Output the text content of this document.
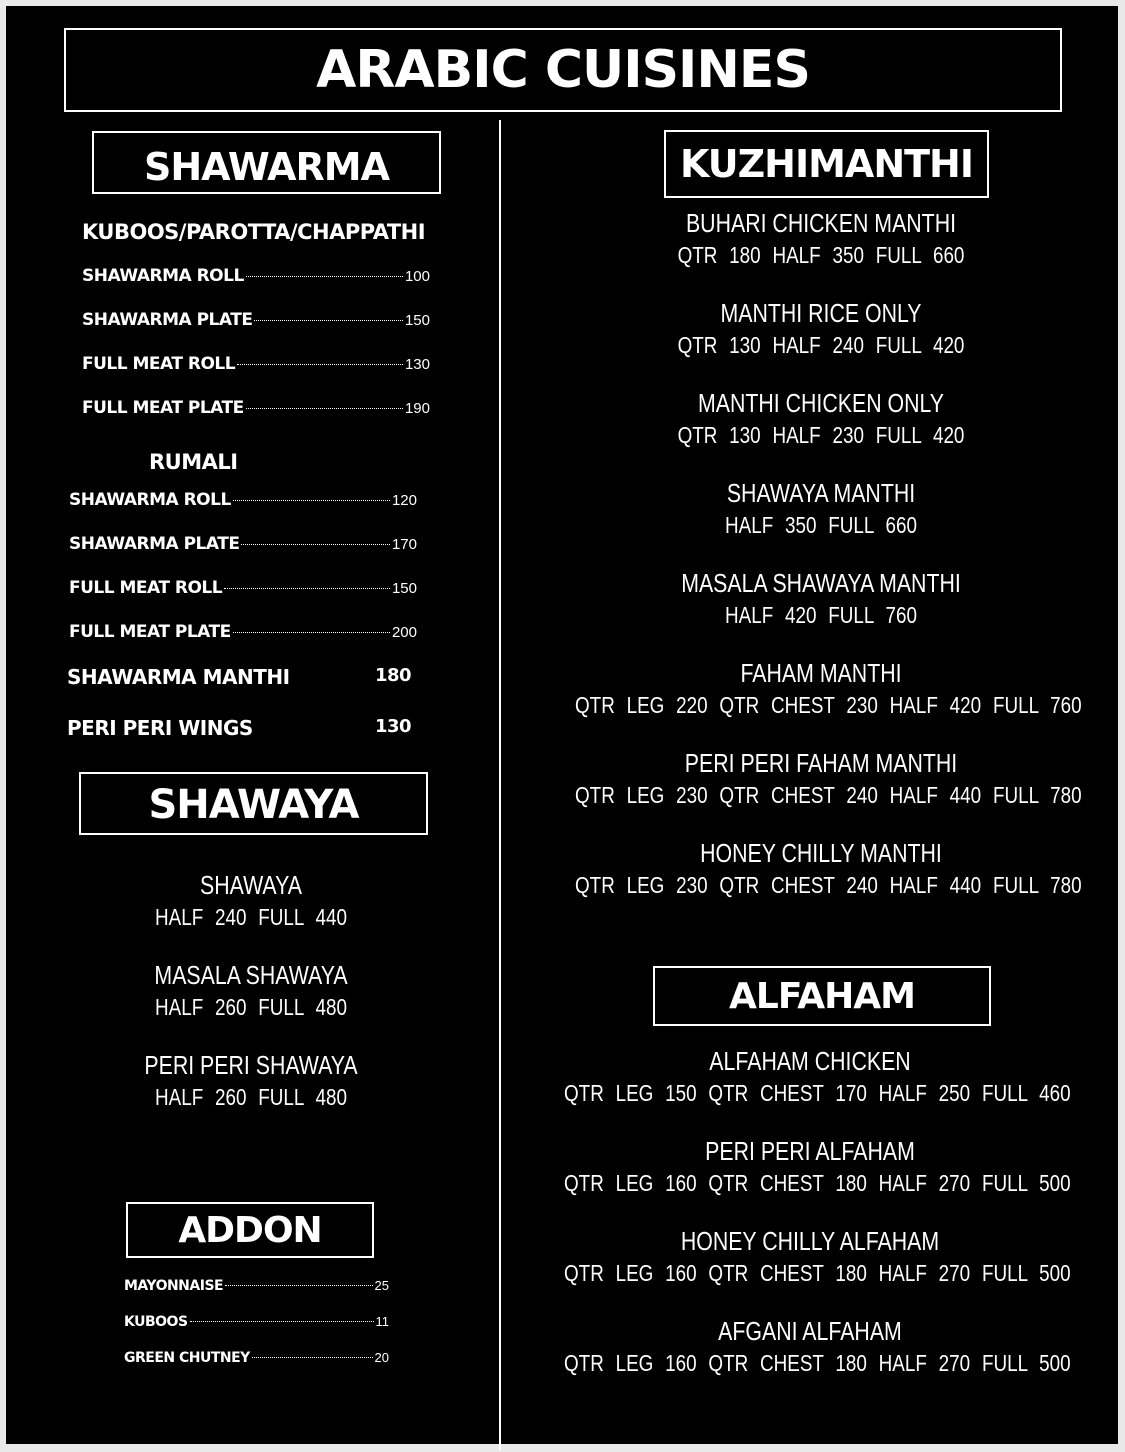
ARABIC CUISINES
SHAWARMA
KUBOOS/PAROTTA/CHAPPATHI
SHAWARMA ROLL	100
SHAWARMA PLATE	150
FULL MEAT ROLL	130
FULL MEAT PLATE	190
RUMALI
SHAWARMA ROLL	120
SHAWARMA PLATE	170
FULL MEAT ROLL	150
FULL MEAT PLATE	200
SHAWARMA MANTHI	180
PERI PERI WINGS	130
SHAWAYA
SHAWAYA
HALF 240 FULL 440
MASALA SHAWAYA
HALF 260 FULL 480
PERI PERI SHAWAYA
HALF 260 FULL 480
ADDON
MAYONNAISE	25
KUBOOS	11
GREEN CHUTNEY	20
KUZHIMANTHI
BUHARI CHICKEN MANTHI
QTR 180 HALF 350 FULL 660
MANTHI RICE ONLY
QTR 130 HALF 240 FULL 420
MANTHI CHICKEN ONLY
QTR 130 HALF 230 FULL 420
SHAWAYA MANTHI
HALF 350 FULL 660
MASALA SHAWAYA MANTHI
HALF 420 FULL 760
FAHAM MANTHI
QTR LEG 220 QTR CHEST 230 HALF 420 FULL 760
PERI PERI FAHAM MANTHI
QTR LEG 230 QTR CHEST 240 HALF 440 FULL 780
HONEY CHILLY MANTHI
QTR LEG 230 QTR CHEST 240 HALF 440 FULL 780
ALFAHAM
ALFAHAM CHICKEN
QTR LEG 150 QTR CHEST 170 HALF 250 FULL 460
PERI PERI ALFAHAM
QTR LEG 160 QTR CHEST 180 HALF 270 FULL 500
HONEY CHILLY ALFAHAM
QTR LEG 160 QTR CHEST 180 HALF 270 FULL 500
AFGANI ALFAHAM
QTR LEG 160 QTR CHEST 180 HALF 270 FULL 500
